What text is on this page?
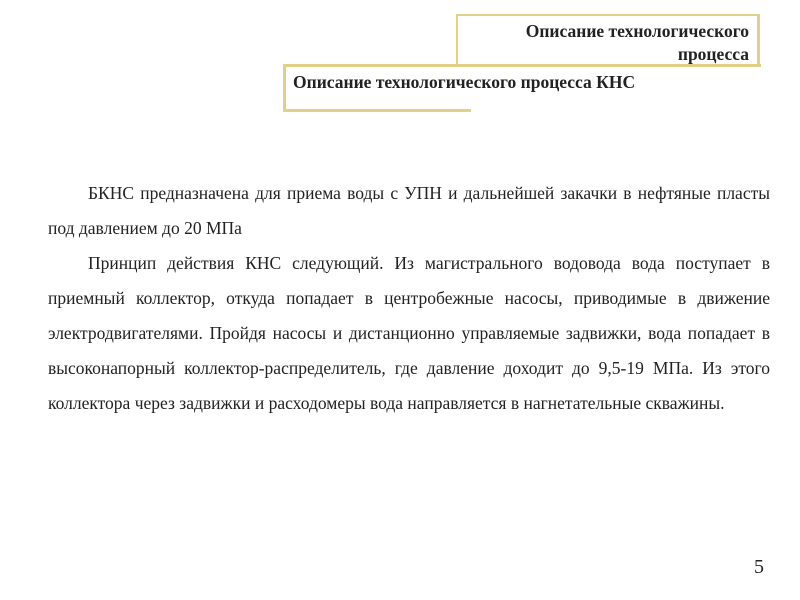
Описание технологического процесса
Описание технологического процесса КНС

БКНС предназначена для приема воды с УПН и дальнейшей закачки в нефтяные пласты под давлением до 20 МПа

Принцип действия КНС следующий. Из магистрального водовода вода поступает в приемный коллектор, откуда попадает в центробежные насосы, приводимые в движение электродвигателями. Пройдя насосы и дистанционно управляемые задвижки, вода попадает в высоконапорный коллектор-распределитель, где давление доходит до 9,5-19 МПа. Из этого коллектора через задвижки и расходомеры вода направляется в нагнетательные скважины.

5
